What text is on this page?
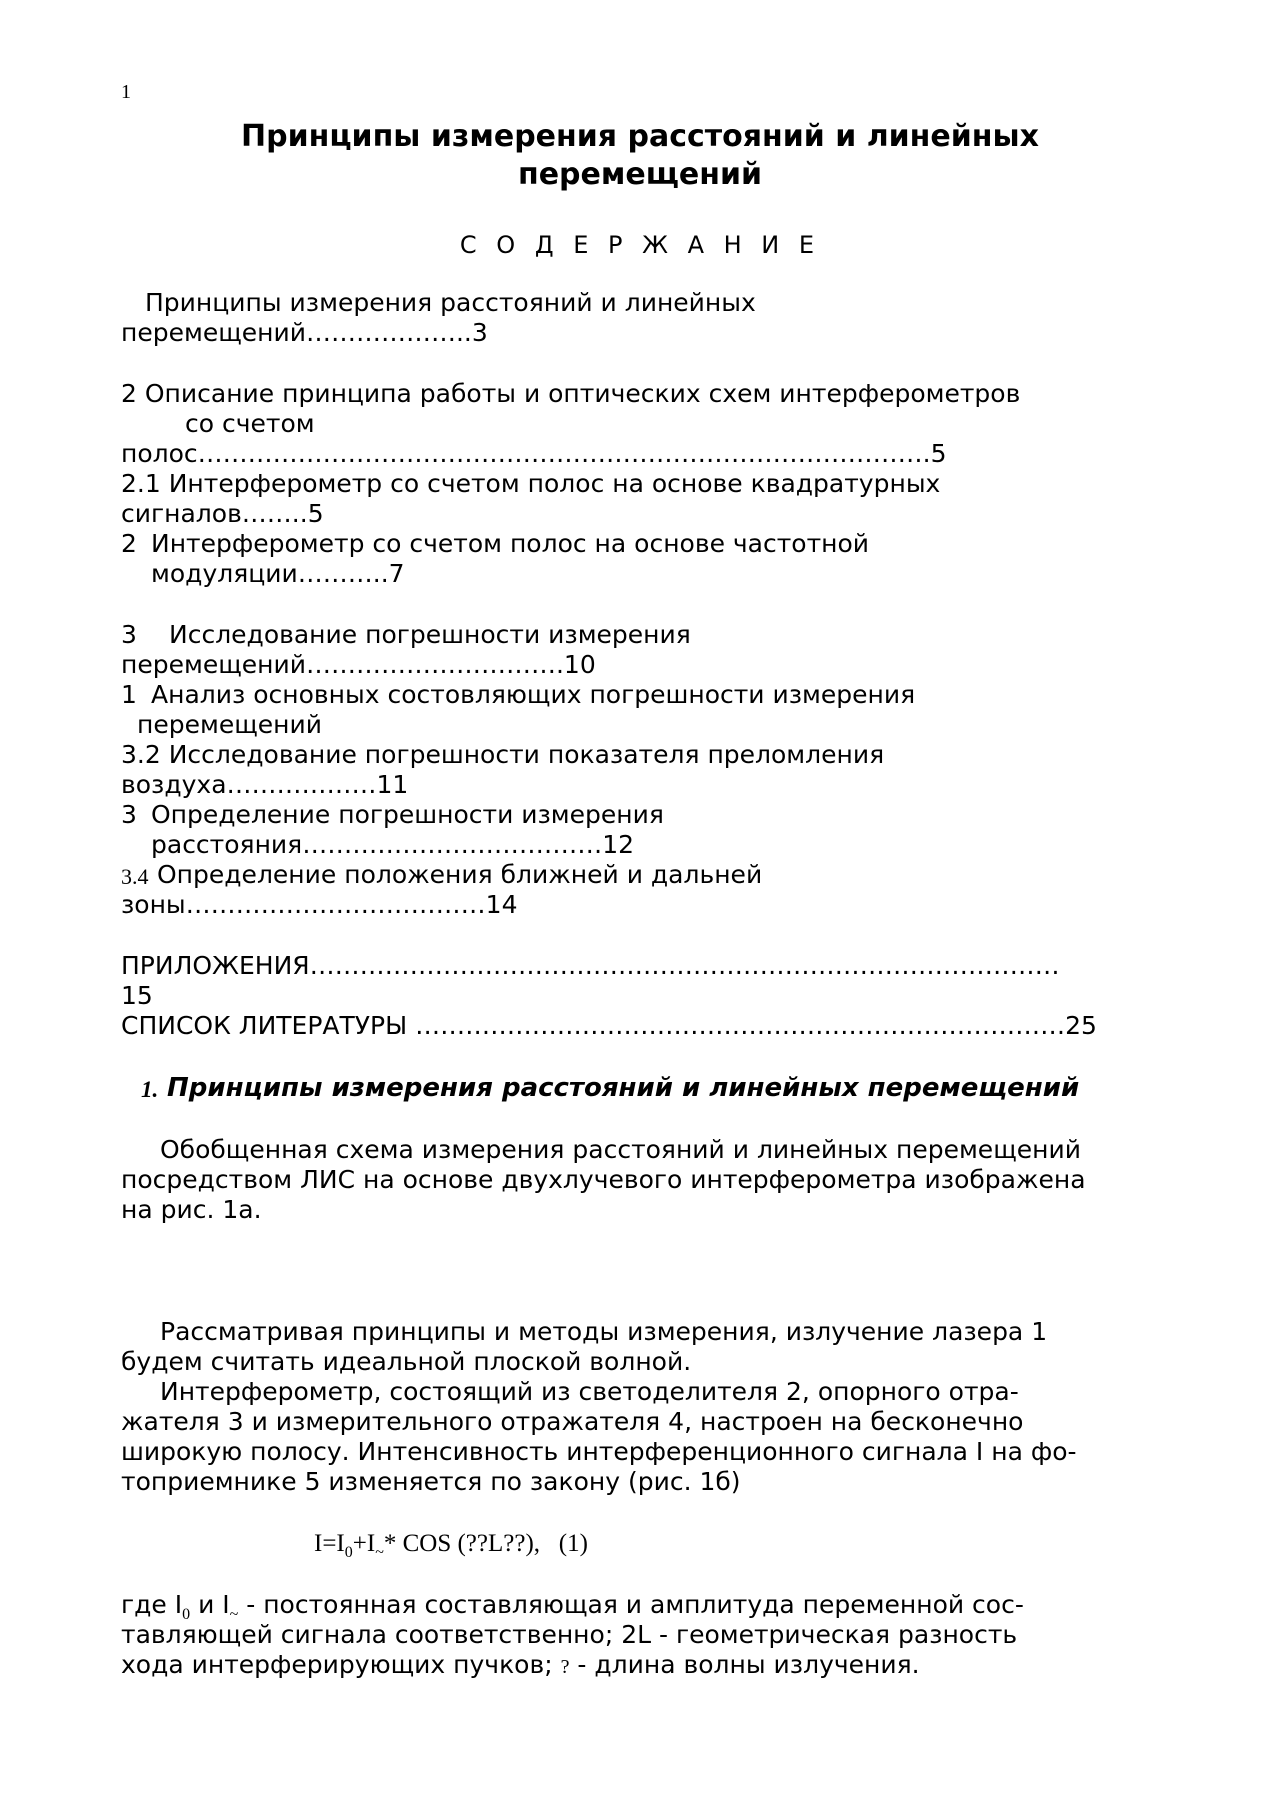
1
Принципы измерения расстояний и линейных
перемещений
С О Д Е Р Ж А Н И Е
Принципы измерения расстояний и линейных
перемещений………………..3
2 Описание принципа работы и оптических схем интерферометров
со счетом
полос…………………………………………………………………………….5
2.1 Интерферометр со счетом полос на основе квадратурных
сигналов……..5
2 Интерферометр со счетом полос на основе частотной
модуляции………..7
3 Исследование погрешности измерения
перемещений………………………….10
1 Анализ основных состовляющих погрешности измерения
перемещений
3.2 Исследование погрешности показателя преломления
воздуха………………11
3 Определение погрешности измерения
расстояния………………………………12
3.4 Определение положения ближней и дальней
зоны………………………………14
ПРИЛОЖЕНИЯ………………………………………………………………………………
15
СПИСОК ЛИТЕРАТУРЫ ……………………………………………………………………25
1. Принципы измерения расстояний и линейных перемещений
Обобщенная схема измерения расстояний и линейных перемещений
посредством ЛИС на основе двухлучевого интерферометра изображена
на рис. 1а.
Рассматривая принципы и методы измерения, излучение лазера 1
будем считать идеальной плоской волной.
Интерферометр, состоящий из светоделителя 2, опорного отра-
жателя 3 и измерительного отражателя 4, настроен на бесконечно
широкую полосу. Интенсивность интерференционного сигнала I на фо-
топриемнике 5 изменяется по закону (рис. 1б)
$I=I_0+I_\sim*$ COS (??L??), (1)
где $I_0$ и $I_\sim$ - постоянная составляющая и амплитуда переменной сос-
тавляющей сигнала соответственно; 2L - геометрическая разность
хода интерферирующих пучков; ? - длина волны излучения.
